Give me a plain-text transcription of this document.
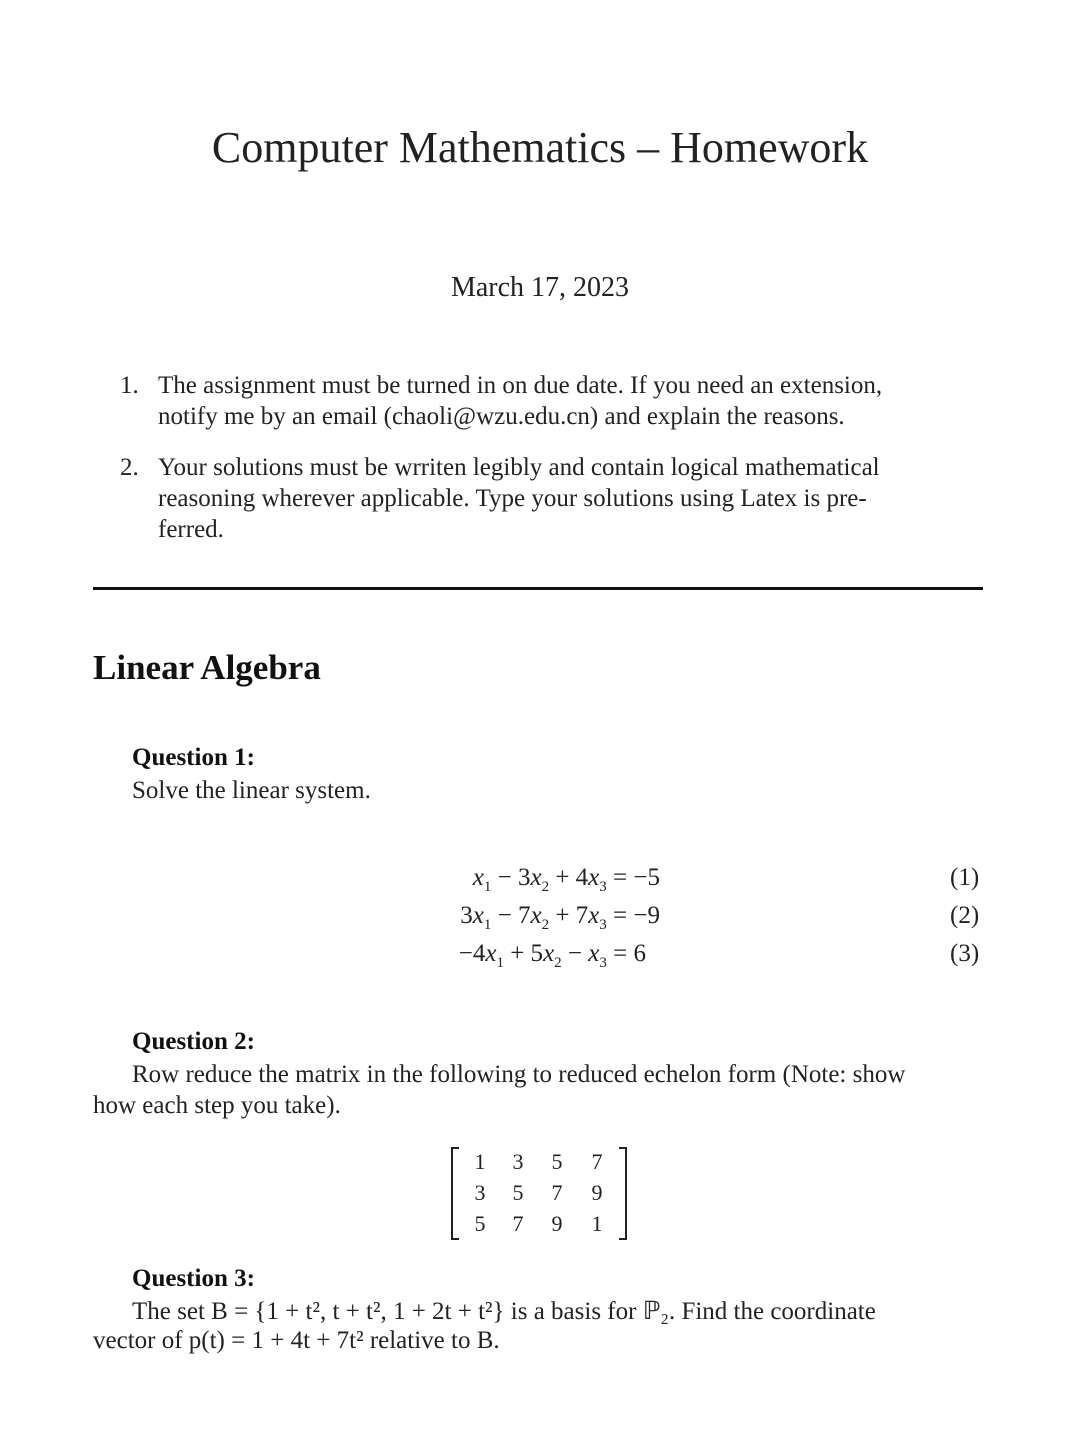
Computer Mathematics – Homework
March 17, 2023
1. The assignment must be turned in on due date. If you need an extension,
notify me by an email (chaoli@wzu.edu.cn) and explain the reasons.
2. Your solutions must be wrriten legibly and contain logical mathematical
reasoning wherever applicable. Type your solutions using Latex is pre-
ferred.
Linear Algebra
Question 1:
Solve the linear system.
$x_1 - 3x_2 + 4x_3 = -5$	(1)
$3x_1 - 7x_2 + 7x_3 = -9$	(2)
$-4x_1 + 5x_2 - x_3 = 6$	(3)
Question 2:
Row reduce the matrix in the following to reduced echelon form (Note: show
how each step you take).
1 3 5 7
3 5 7 9
5 7 9 1
Question 3:
The set B = {1 + t², t + t², 1 + 2t + t²} is a basis for ℙ₂. Find the coordinate
vector of p(t) = 1 + 4t + 7t² relative to B.
